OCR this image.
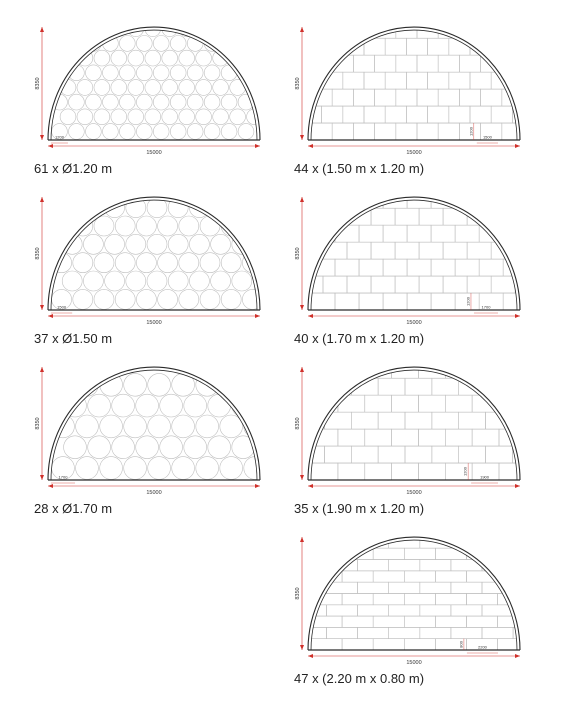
15000
8350
1200
61 x Ø1.20 m
15000
8350
1500
1200
44 x (1.50 m x 1.20 m)
15000
8350
1500
37 x Ø1.50 m
15000
8350
1700
1200
40 x (1.70 m x 1.20 m)
15000
8350
1700
28 x Ø1.70 m
15000
8350
1900
1200
35 x (1.90 m x 1.20 m)
15000
8350
2200
800
47 x (2.20 m x 0.80 m)
